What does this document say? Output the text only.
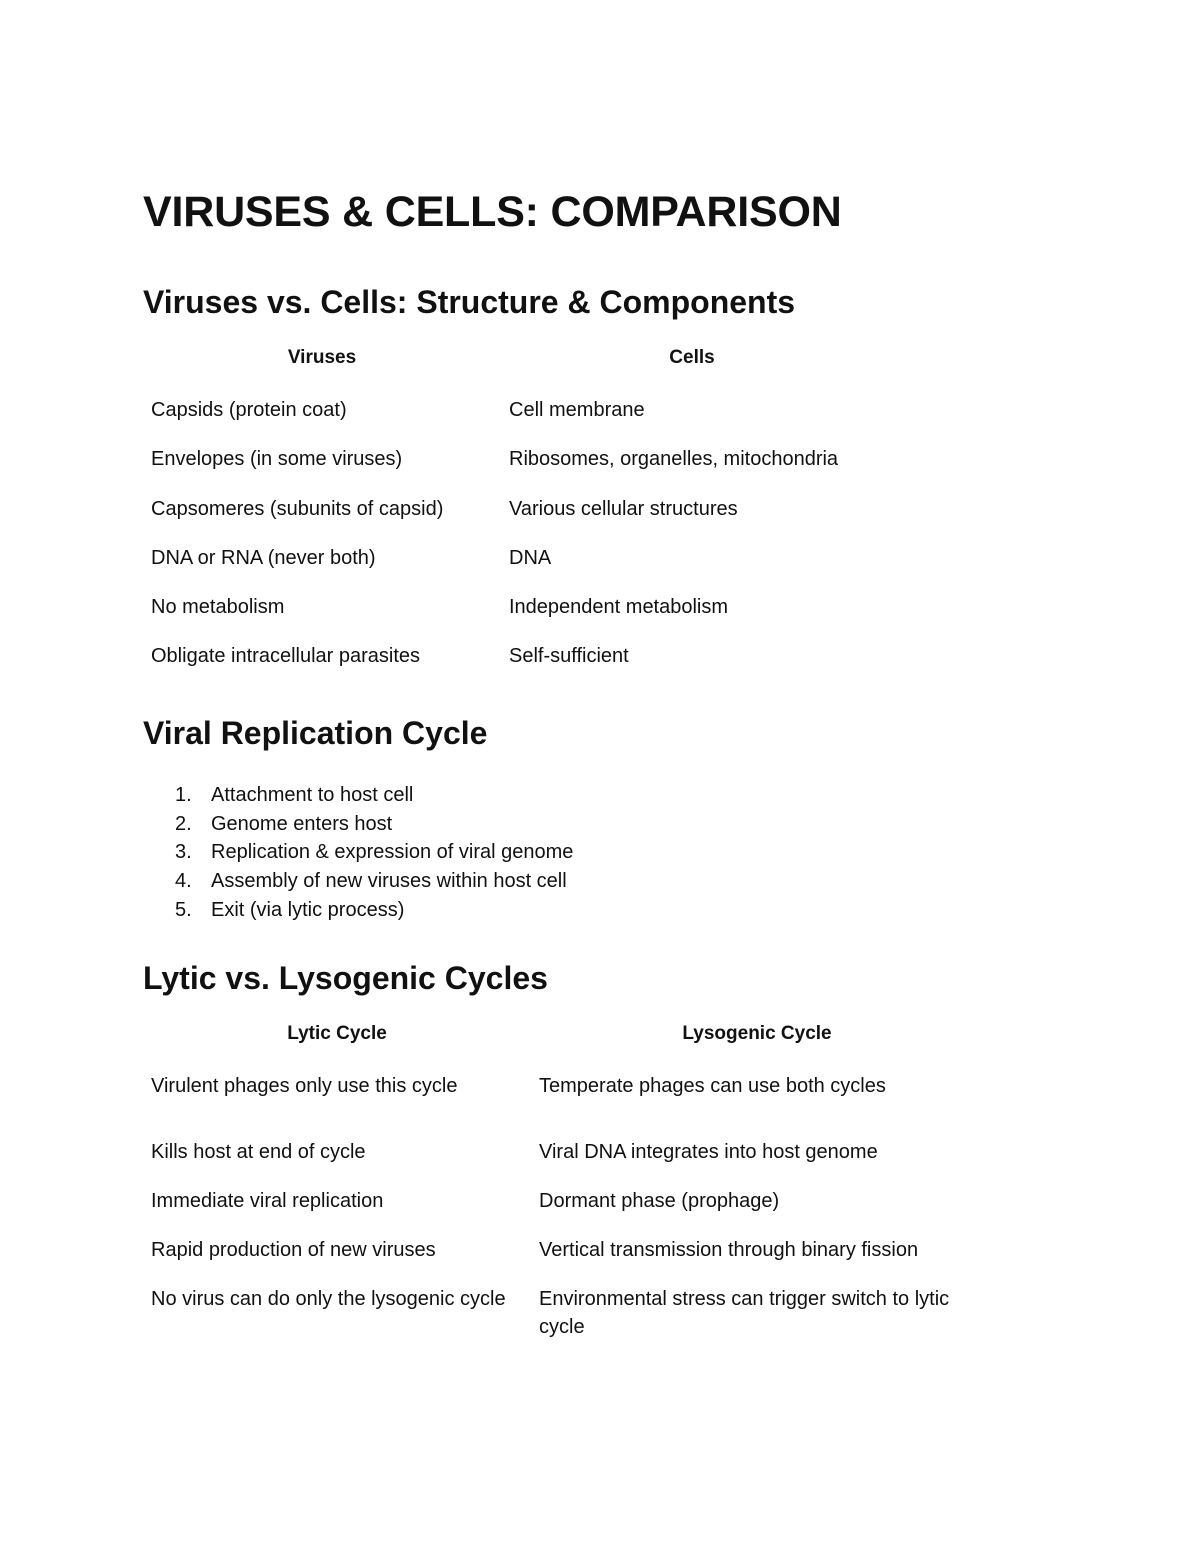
VIRUSES & CELLS: COMPARISON
Viruses vs. Cells: Structure & Components
Viruses	Cells
Capsids (protein coat)	Cell membrane
Envelopes (in some viruses)	Ribosomes, organelles, mitochondria
Capsomeres (subunits of capsid)	Various cellular structures
DNA or RNA (never both)	DNA
No metabolism	Independent metabolism
Obligate intracellular parasites	Self-sufficient
Viral Replication Cycle
1. Attachment to host cell
2. Genome enters host
3. Replication & expression of viral genome
4. Assembly of new viruses within host cell
5. Exit (via lytic process)
Lytic vs. Lysogenic Cycles
Lytic Cycle	Lysogenic Cycle
Virulent phages only use this cycle	Temperate phages can use both cycles
Kills host at end of cycle	Viral DNA integrates into host genome
Immediate viral replication	Dormant phase (prophage)
Rapid production of new viruses	Vertical transmission through binary fission
No virus can do only the lysogenic cycle	Environmental stress can trigger switch to lytic cycle
